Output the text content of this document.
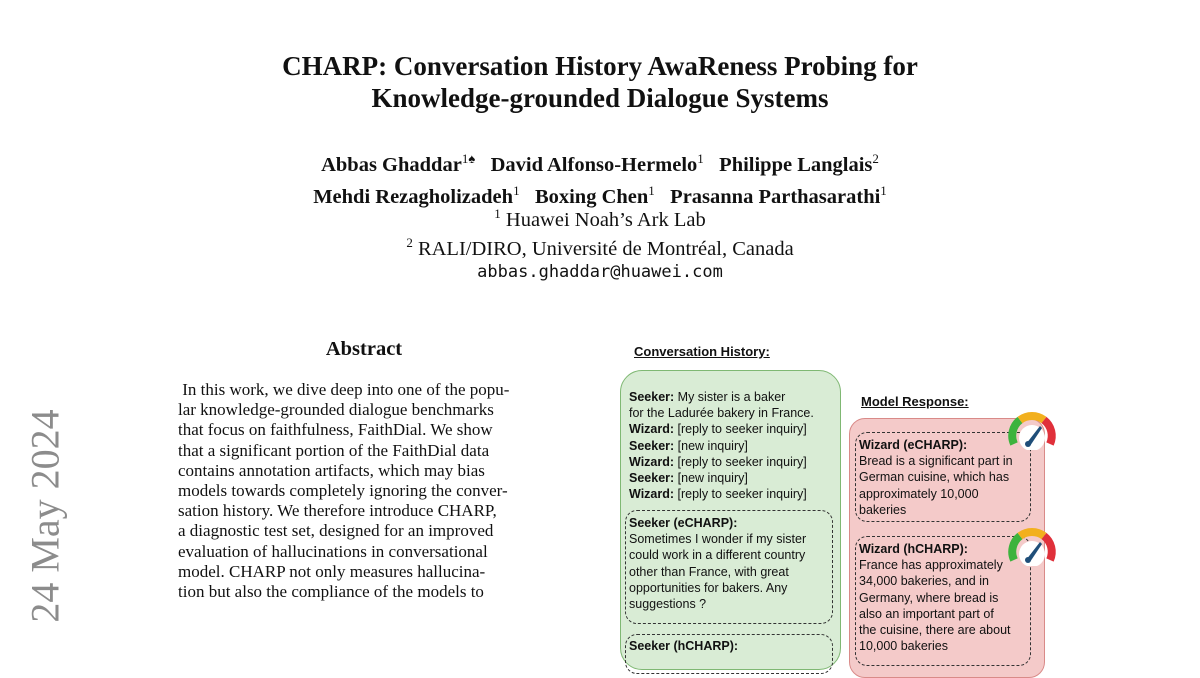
CHARP: Conversation History AwaReness Probing for
Knowledge-grounded Dialogue Systems
Abbas Ghaddar$^{1♠}$ David Alfonso-Hermelo$^1$ Philippe Langlais$^2$
Mehdi Rezagholizadeh$^1$ Boxing Chen$^1$ Prasanna Parthasarathi$^1$
$^1$ Huawei Noah’s Ark Lab
$^2$ RALI/DIRO, Université de Montréal, Canada
abbas.ghaddar@huawei.com
24 May 2024
Abstract
In this work, we dive deep into one of the popu-
lar knowledge-grounded dialogue benchmarks
that focus on faithfulness, FaithDial. We show
that a significant portion of the FaithDial data
contains annotation artifacts, which may bias
models towards completely ignoring the conver-
sation history. We therefore introduce CHARP,
a diagnostic test set, designed for an improved
evaluation of hallucinations in conversational
model. CHARP not only measures hallucina-
tion but also the compliance of the models to
Conversation History:
Seeker: My sister is a baker
for the Ladurée bakery in France.
Wizard: [reply to seeker inquiry]
Seeker: [new inquiry]
Wizard: [reply to seeker inquiry]
Seeker: [new inquiry]
Wizard: [reply to seeker inquiry]
Seeker (eCHARP):
Sometimes I wonder if my sister
could work in a different country
other than France, with great
opportunities for bakers. Any
suggestions ?
Seeker (hCHARP):
Model Response:
Wizard (eCHARP):
Bread is a significant part in
German cuisine, which has
approximately 10,000
bakeries
Wizard (hCHARP):
France has approximately
34,000 bakeries, and in
Germany, where bread is
also an important part of
the cuisine, there are about
10,000 bakeries
